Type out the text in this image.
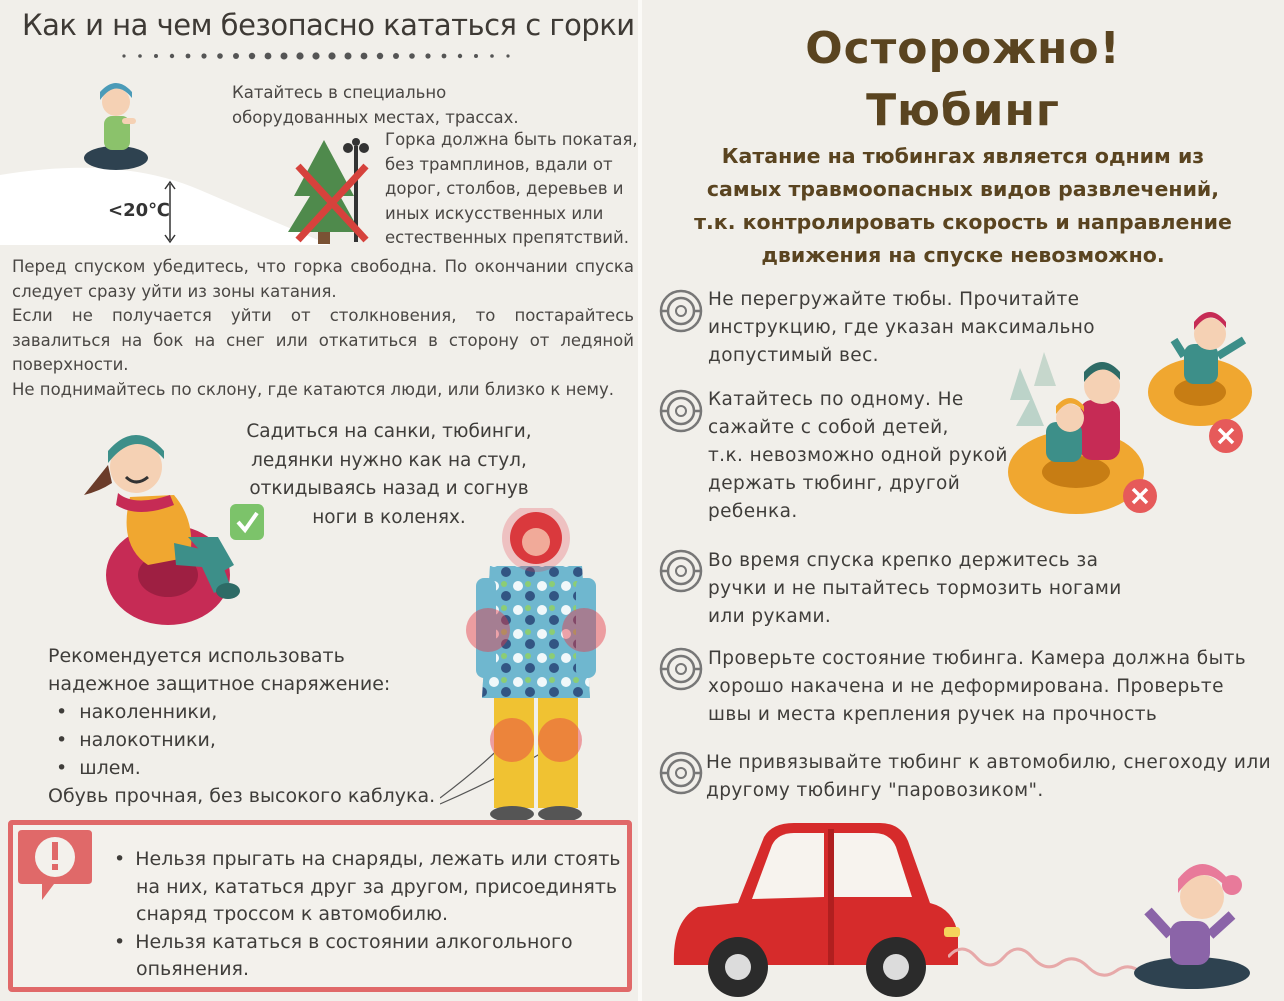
Как и на чем безопасно кататься с горки
<20℃
Катайтесь в специально
оборудованных местах, трассах.
Горка должна быть покатая,
без трамплинов, вдали от
дорог, столбов, деревьев и
иных искусственных или
естественных препятствий.
Перед спуском убедитесь, что горка свободна. По окончании спуска следует сразу уйти из зоны катания.
Если не получается уйти от столкновения, то постарайтесь завалиться на бок на снег или откатиться в сторону от ледяной поверхности.
Не поднимайтесь по склону, где катаются люди, или близко к нему.
Садиться на санки, тюбинги,
ледянки нужно как на стул,
откидываясь назад и согнув
ноги в коленях.
Рекомендуется использовать
надежное защитное снаряжение:
• наколенники,
• налокотники,
• шлем.
Обувь прочная, без высокого каблука.
• Нельзя прыгать на снаряды, лежать или стоять на них, кататься друг за другом, присоединять снаряд троссом к автомобилю.
• Нельзя кататься в состоянии алкогольного опьянения.
Осторожно!
Тюбинг
Катание на тюбингах является одним из
самых травмоопасных видов развлечений,
т.к. контролировать скорость и направление
движения на спуске невозможно.
Не перегружайте тюбы. Прочитайте
инструкцию, где указан максимально
допустимый вес.
Катайтесь по одному. Не
сажайте с собой детей,
т.к. невозможно одной рукой
держать тюбинг, другой
ребенка.
Во время спуска крепко держитесь за
ручки и не пытайтесь тормозить ногами
или руками.
Проверьте состояние тюбинга. Камера должна быть
хорошо накачена и не деформирована. Проверьте
швы и места крепления ручек на прочность
Не привязывайте тюбинг к автомобилю, снегоходу или
другому тюбингу "паровозиком".
